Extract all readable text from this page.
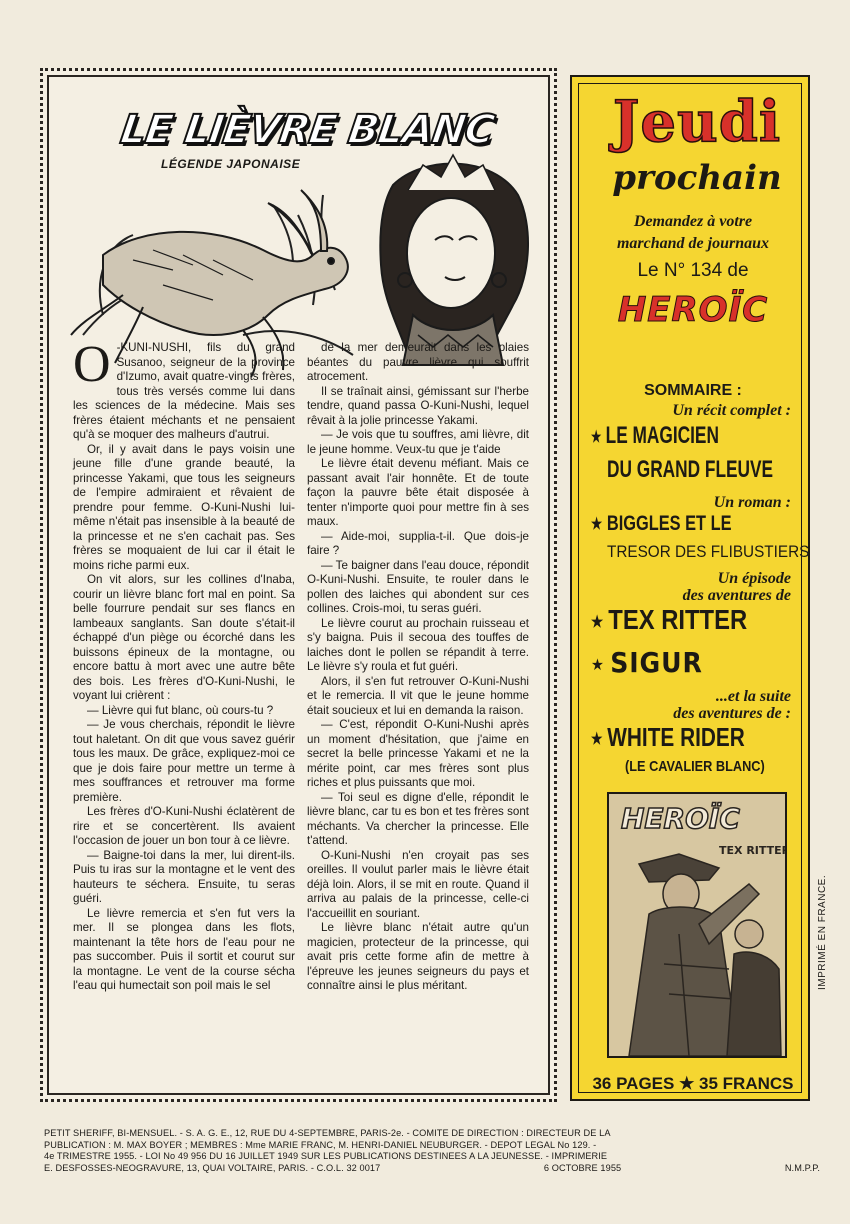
LE LIÈVRE BLANC
LÉGENDE JAPONAISE

O -KUNI-NUSHI, fils du grand Susanoo, seigneur de la province d'Izumo, avait quatre-vingts frères, tous très versés comme lui dans les sciences de la médecine. Mais ses frères étaient méchants et ne pensaient qu'à se moquer des malheurs d'autrui.

Or, il y avait dans le pays voisin une jeune fille d'une grande beauté, la princesse Yakami, que tous les seigneurs de l'empire admiraient et rêvaient de prendre pour femme. O-Kuni-Nushi lui-même n'était pas insensible à la beauté de la princesse et ne s'en cachait pas. Ses frères se moquaient de lui car il était le moins riche parmi eux.

On vit alors, sur les collines d'Inaba, courir un lièvre blanc fort mal en point. Sa belle fourrure pendait sur ses flancs en lambeaux sanglants. San doute s'était-il échappé d'un piège ou écorché dans les buissons épineux de la montagne, ou encore battu à mort avec une autre bête des bois. Les frères d'O-Kuni-Nushi, le voyant lui crièrent :

— Lièvre qui fut blanc, où cours-tu ?

— Je vous cherchais, répondit le lièvre tout haletant. On dit que vous savez guérir tous les maux. De grâce, expliquez-moi ce que je dois faire pour mettre un terme à mes souffrances et retrouver ma forme première.

Les frères d'O-Kuni-Nushi éclatèrent de rire et se concertèrent. Ils avaient l'occasion de jouer un bon tour à ce lièvre.

— Baigne-toi dans la mer, lui dirent-ils. Puis tu iras sur la montagne et le vent des hauteurs te séchera. Ensuite, tu seras guéri.

Le lièvre remercia et s'en fut vers la mer. Il se plongea dans les flots, maintenant la tête hors de l'eau pour ne pas succomber. Puis il sortit et courut sur la montagne. Le vent de la course sécha l'eau qui humectait son poil mais le sel

de la mer demeurait dans les plaies béantes du pauvre lièvre qui souffrit atrocement.

Il se traînait ainsi, gémissant sur l'herbe tendre, quand passa O-Kuni-Nushi, lequel rêvait à la jolie princesse Yakami.

— Je vois que tu souffres, ami lièvre, dit le jeune homme. Veux-tu que je t'aide

Le lièvre était devenu méfiant. Mais ce passant avait l'air honnête. Et de toute façon la pauvre bête était disposée à tenter n'importe quoi pour mettre fin à ses maux.

— Aide-moi, supplia-t-il. Que dois-je faire ?

— Te baigner dans l'eau douce, répondit O-Kuni-Nushi. Ensuite, te rouler dans le pollen des laiches qui abondent sur ces collines. Crois-moi, tu seras guéri.

Le lièvre courut au prochain ruisseau et s'y baigna. Puis il secoua des touffes de laiches dont le pollen se répandit à terre. Le lièvre s'y roula et fut guéri.

Alors, il s'en fut retrouver O-Kuni-Nushi et le remercia. Il vit que le jeune homme était soucieux et lui en demanda la raison.

— C'est, répondit O-Kuni-Nushi après un moment d'hésitation, que j'aime en secret la belle princesse Yakami et ne la mérite point, car mes frères sont plus riches et plus puissants que moi.

— Toi seul es digne d'elle, répondit le lièvre blanc, car tu es bon et tes frères sont méchants. Va chercher la princesse. Elle t'attend.

O-Kuni-Nushi n'en croyait pas ses oreilles. Il voulut parler mais le lièvre était déjà loin. Alors, il se mit en route. Quand il arriva au palais de la princesse, celle-ci l'accueillit en souriant.

Le lièvre blanc n'était autre qu'un magicien, protecteur de la princesse, qui avait pris cette forme afin de mettre à l'épreuve les jeunes seigneurs du pays et connaître ainsi le plus méritant.

Jeudi
prochain
Demandez à votre
marchand de journaux
Le N° 134 de
HEROÏC
SOMMAIRE :
Un récit complet :
★ LE MAGICIEN
DU GRAND FLEUVE
Un roman :
★ BIGGLES ET LE
TRESOR DES FLIBUSTIERS
Un épisode
des aventures de
★ TEX RITTER
★ SIGUR
...et la suite
des aventures de :
★ WHITE RIDER
(LE CAVALIER BLANC)
HEROÏC
TEX RITTER
36 PAGES ★ 35 FRANCS
IMPRIMÉ EN FRANCE.
PETIT SHERIFF, BI-MENSUEL. - S. A. G. E., 12, RUE DU 4-SEPTEMBRE, PARIS-2e. - COMITE DE DIRECTION : DIRECTEUR DE LA
PUBLICATION : M. MAX BOYER ; MEMBRES : Mme MARIE FRANC, M. HENRI-DANIEL NEUBURGER. - DEPOT LEGAL No 129. -
4e TRIMESTRE 1955. - LOI No 49 956 DU 16 JUILLET 1949 SUR LES PUBLICATIONS DESTINEES A LA JEUNESSE. - IMPRIMERIE
E. DESFOSSES-NEOGRAVURE, 13, QUAI VOLTAIRE, PARIS. - C.O.L. 32 0017	6 OCTOBRE 1955	N.M.P.P.
